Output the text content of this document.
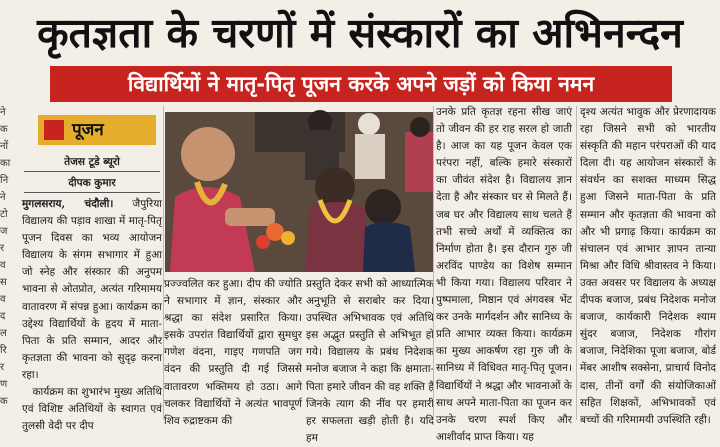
कृतज्ञता के चरणों में संस्कारों का अभिनन्दन
विद्यार्थियों ने मातृ-पितृ पूजन करके अपने जड़ों को किया नमन
ने
क
नों
का
नि
ने
टो
ज
र
व
स
व
द
ल
रि
र
ण
क
पूजन
तेजस टूडे ब्यूरो
दीपक कुमार

मुगलसराय, चंदौली। जैपुरिया विद्यालय की पड़ाव शाखा में मातृ-पितृ पूजन दिवस का भव्य आयोजन विद्यालय के संगम सभागार में हुआ जो स्नेह और संस्कार की अनुपम भावना से ओतप्रोत, अत्यंत गरिमामय वातावरण में संपन्न हुआ। कार्यक्रम का उद्देश्य विद्यार्थियों के हृदय में माता-पिता के प्रति सम्मान, आदर और कृतज्ञता की भावना को सुदृढ़ करना रहा।

कार्यक्रम का शुभारंभ मुख्य अतिथि एवं विशिष्ट अतिथियों के स्वागत एवं तुलसी वेदी पर दीप

प्रज्ज्वलित कर हुआ। दीप की ज्योति ने सभागार में ज्ञान, संस्कार और श्रद्धा का संदेश प्रसारित किया। इसके उपरांत विद्यार्थियों द्वारा सुमधुर गणेश वंदना, गाइए गणपति जग वंदन की प्रस्तुति दी गई जिससे वातावरण भक्तिमय हो उठा। आगे चलकर विद्यार्थियों ने अत्यंत भावपूर्ण शिव रुद्राष्टकम की
प्रस्तुति देकर सभी को आध्यात्मिक अनुभूति से सराबोर कर दिया। उपस्थित अभिभावक एवं अतिथि इस अद्भुत प्रस्तुति से अभिभूत हो गये। विद्यालय के प्रबंध निदेशक मनोज बजाज ने कहा कि क्षमाता-पिता हमारे जीवन की वह शक्ति हैं जिनके त्याग की नींव पर हमारी हर सफलता खड़ी होती है। यदि हम
उनके प्रति कृतज्ञ रहना सीख जाएं तो जीवन की हर राह सरल हो जाती है। आज का यह पूजन केवल एक परंपरा नहीं, बल्कि हमारे संस्कारों का जीवंत संदेश है। विद्यालय ज्ञान देता है और संस्कार घर से मिलते हैं। जब घर और विद्यालय साथ चलते हैं तभी सच्चे अर्थों में व्यक्तित्व का निर्माण होता है। इस दौरान गुरु जी अरविंद पाण्डेय का विशेष सम्मान भी किया गया। विद्यालय परिवार ने पुष्पमाला, मिष्ठान एवं अंगवस्त्र भेंट कर उनके मार्गदर्शन और सानिध्य के प्रति आभार व्यक्त किया। कार्यक्रम का मुख्य आकर्षण रहा गुरु जी के सानिध्य में विधिवत मातृ-पितृ पूजन। विद्यार्थियों ने श्रद्धा और भावनाओं के साथ अपने माता-पिता का पूजन कर उनके चरण स्पर्श किए और आशीर्वाद प्राप्त किया। यह
दृश्य अत्यंत भावुक और प्रेरणादायक रहा जिसने सभी को भारतीय संस्कृति की महान परंपराओं की याद दिला दी। यह आयोजन संस्कारों के संवर्धन का सशक्त माध्यम सिद्ध हुआ जिसने माता-पिता के प्रति सम्मान और कृतज्ञता की भावना को और भी प्रगाढ़ किया। कार्यक्रम का संचालन एवं आभार ज्ञापन तान्या मिश्रा और विधि श्रीवास्तव ने किया। उक्त अवसर पर विद्यालय के अध्यक्ष दीपक बजाज, प्रबंध निदेशक मनोज बजाज, कार्यकारी निदेशक श्याम सुंदर बजाज, निदेशक गौरांग बजाज, निदेशिका पूजा बजाज, बोर्ड मेंबर आशीष सक्सेना, प्राचार्य विनोद दास, तीनों वर्गों की संयोजिकाओं सहित शिक्षकों, अभिभावकों एवं बच्चों की गरिमामयी उपस्थिति रही।
